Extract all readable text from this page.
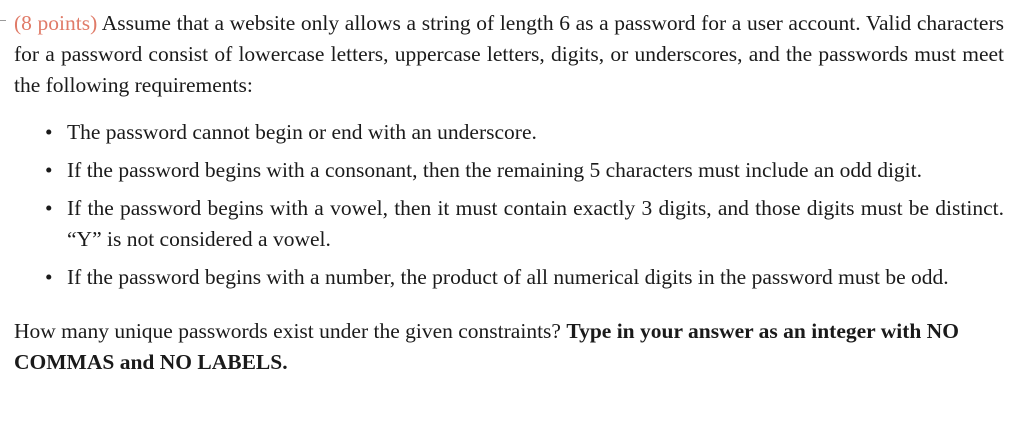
(8 points) Assume that a website only allows a string of length 6 as a password for a user account. Valid characters for a password consist of lowercase letters, uppercase letters, digits, or underscores, and the passwords must meet the following requirements:

• The password cannot begin or end with an underscore.
• If the password begins with a consonant, then the remaining 5 characters must include an odd digit.
• If the password begins with a vowel, then it must contain exactly 3 digits, and those digits must be distinct. “Y” is not considered a vowel.
• If the password begins with a number, the product of all numerical digits in the password must be odd.

How many unique passwords exist under the given constraints? Type in your answer as an integer with NO COMMAS and NO LABELS.
